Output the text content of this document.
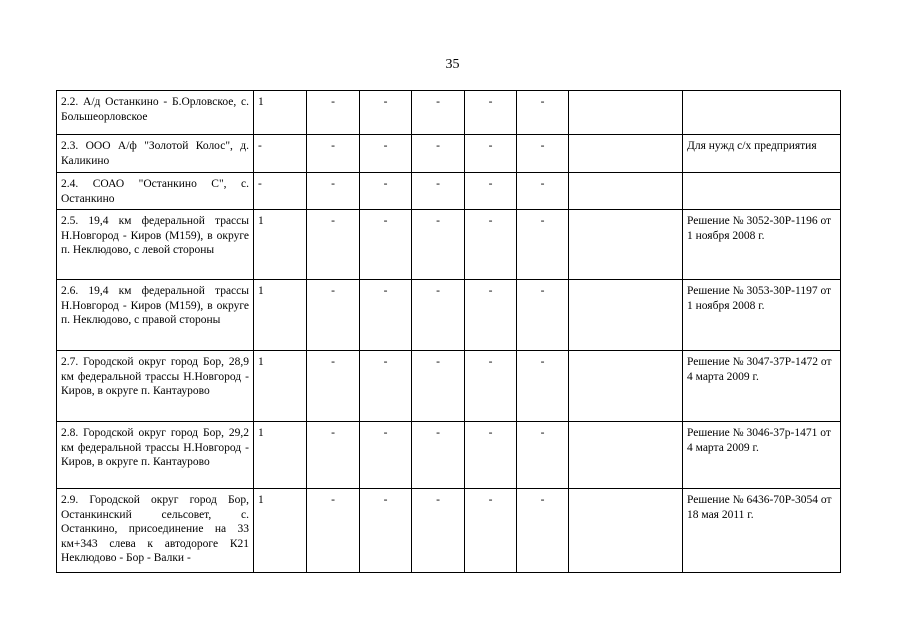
35
2.2. А/д Останкино - Б.Орловское, с. Большеорловское	1	-	-	-	-	-		
2.3. ООО А/ф "Золотой Колос", д. Каликино	-	-	-	-	-	-		Для нужд с/х предприятия
2.4. СОАО "Останкино С", с. Останкино	-	-	-	-	-	-		
2.5. 19,4 км федеральной трассы Н.Новгород - Киров (М159), в округе п. Неклюдово, с левой стороны	1	-	-	-	-	-		Решение № 3052-30Р-1196 от 1 ноября 2008 г.
2.6. 19,4 км федеральной трассы Н.Новгород - Киров (М159), в округе п. Неклюдово, с правой стороны	1	-	-	-	-	-		Решение № 3053-30Р-1197 от 1 ноября 2008 г.
2.7. Городской округ город Бор, 28,9 км федеральной трассы Н.Новгород - Киров, в округе п. Кантаурово	1	-	-	-	-	-		Решение № 3047-37Р-1472 от 4 марта 2009 г.
2.8. Городской округ город Бор, 29,2 км федеральной трассы Н.Новгород - Киров, в округе п. Кантаурово	1	-	-	-	-	-		Решение № 3046-37р-1471 от 4 марта 2009 г.
2.9. Городской округ город Бор, Останкинский сельсовет, с. Останкино, присоединение на 33 км+343 слева к автодороге К21 Неклюдово - Бор - Валки -	1	-	-	-	-	-		Решение № 6436-70Р-3054 от 18 мая 2011 г.
